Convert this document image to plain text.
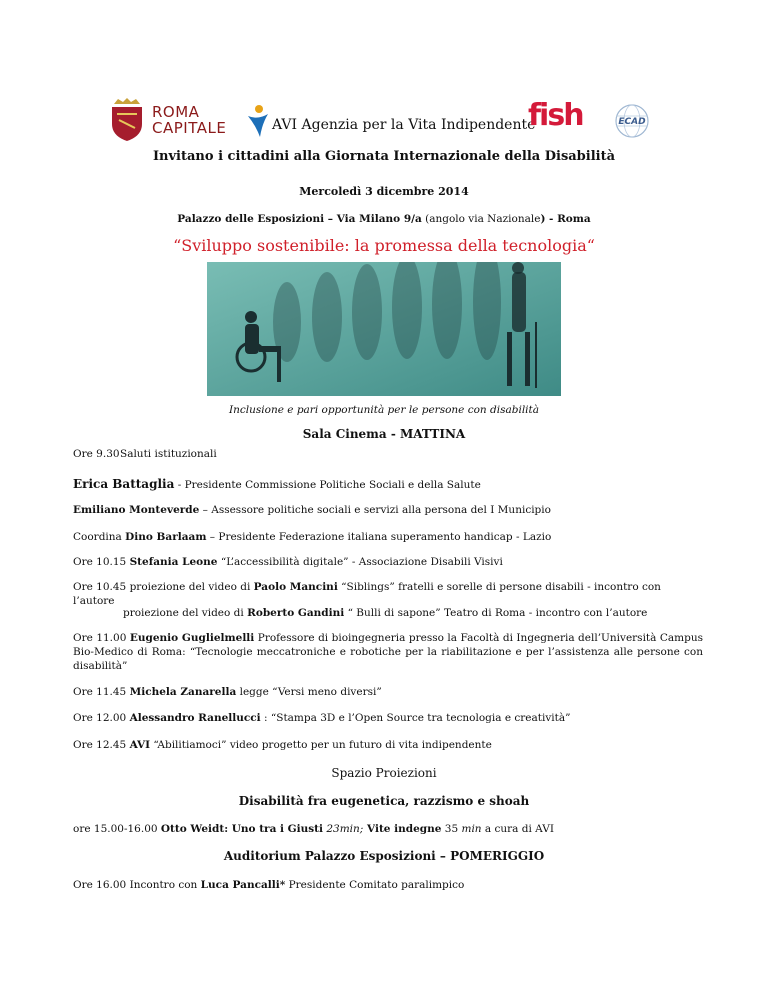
ROMA
CAPITALE	AVI Agenzia per la Vita Indipendente
fish	ECAD
Invitano i cittadini alla Giornata Internazionale della Disabilità
Mercoledì 3 dicembre 2014
Palazzo delle Esposizioni – Via Milano 9/a (angolo via Nazionale) - Roma
“Sviluppo sostenibile: la promessa della tecnologia“
Inclusione e pari opportunità per le persone con disabilità
Sala Cinema - MATTINA
Ore 9.30Saluti istituzionali
Erica Battaglia - Presidente Commissione Politiche Sociali e della Salute
Emiliano Monteverde – Assessore politiche sociali e servizi alla persona del I Municipio
Coordina Dino Barlaam – Presidente Federazione italiana superamento handicap - Lazio
Ore 10.15 Stefania Leone “L’accessibilità digitale” - Associazione Disabili Visivi
Ore 10.45 proiezione del video di Paolo Mancini “Siblings” fratelli e sorelle di persone disabili - incontro con l’autore
proiezione del video di Roberto Gandini “ Bulli di sapone” Teatro di Roma - incontro con l’autore
Ore 11.00 Eugenio Guglielmelli Professore di bioingegneria presso la Facoltà di Ingegneria dell’Università Campus Bio-Medico di Roma: “Tecnologie meccatroniche e robotiche per la riabilitazione e per l’assistenza alle persone con disabilità”
Ore 11.45 Michela Zanarella legge “Versi meno diversi”
Ore 12.00 Alessandro Ranellucci : “Stampa 3D e l’Open Source tra tecnologia e creatività”
Ore 12.45 AVI “Abilitiamoci” video progetto per un futuro di vita indipendente
Spazio Proiezioni
Disabilità fra eugenetica, razzismo e shoah
ore 15.00-16.00 Otto Weidt: Uno tra i Giusti 23min; Vite indegne 35 min a cura di AVI
Auditorium Palazzo Esposizioni – POMERIGGIO
Ore 16.00 Incontro con Luca Pancalli* Presidente Comitato paralimpico
